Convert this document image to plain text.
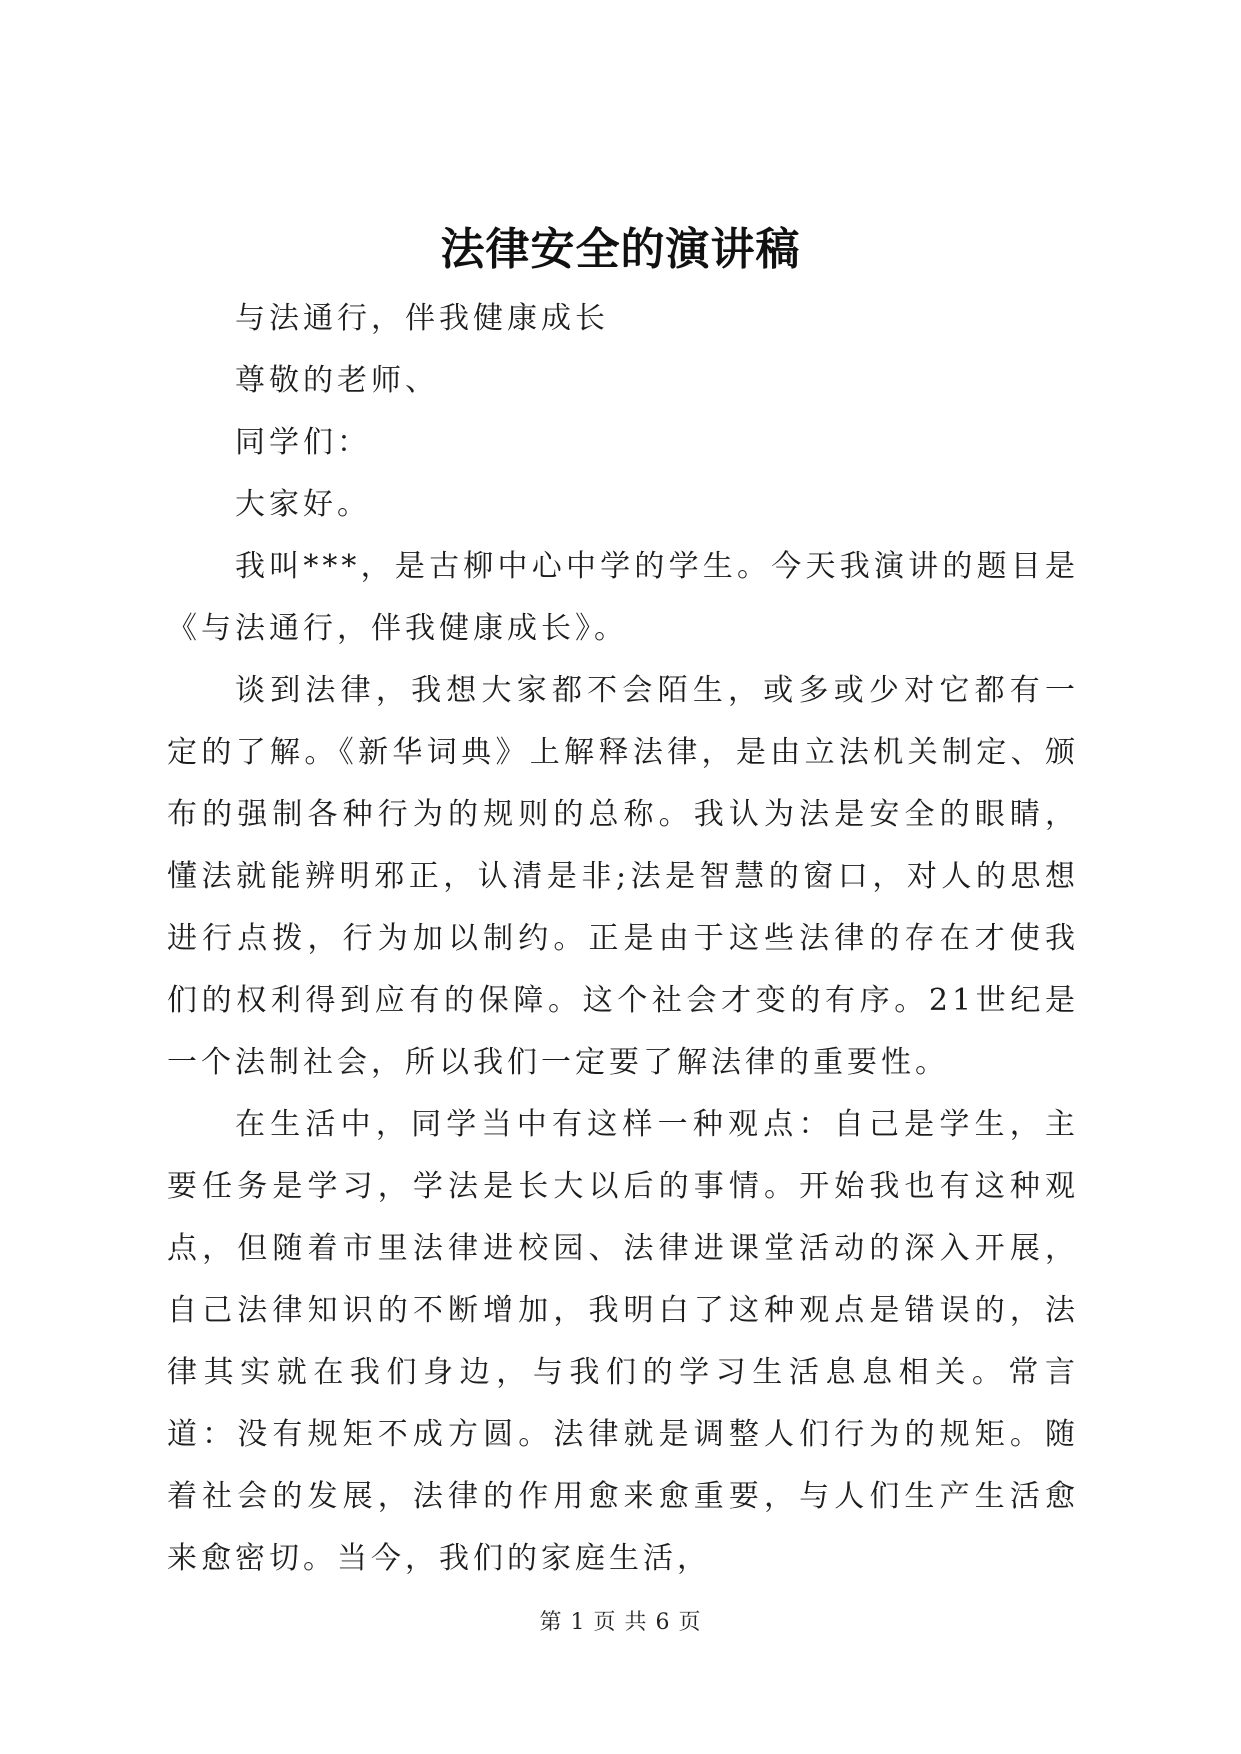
法律安全的演讲稿

与法通行，伴我健康成长

尊敬的老师、

同学们：

大家好。

我叫***，是古柳中心中学的学生。今天我演讲的题目是《与法通行，伴我健康成长》。

谈到法律，我想大家都不会陌生，或多或少对它都有一定的了解。《新华词典》上解释法律，是由立法机关制定、颁布的强制各种行为的规则的总称。我认为法是安全的眼睛，懂法就能辨明邪正，认清是非;法是智慧的窗口，对人的思想进行点拨，行为加以制约。正是由于这些法律的存在才使我们的权利得到应有的保障。这个社会才变的有序。21世纪是一个法制社会，所以我们一定要了解法律的重要性。

在生活中，同学当中有这样一种观点：自己是学生，主要任务是学习，学法是长大以后的事情。开始我也有这种观点，但随着市里法律进校园、法律进课堂活动的深入开展，自己法律知识的不断增加，我明白了这种观点是错误的，法律其实就在我们身边，与我们的学习生活息息相关。常言道：没有规矩不成方圆。法律就是调整人们行为的规矩。随着社会的发展，法律的作用愈来愈重要，与人们生产生活愈来愈密切。当今，我们的家庭生活，

第 1 页 共 6 页
